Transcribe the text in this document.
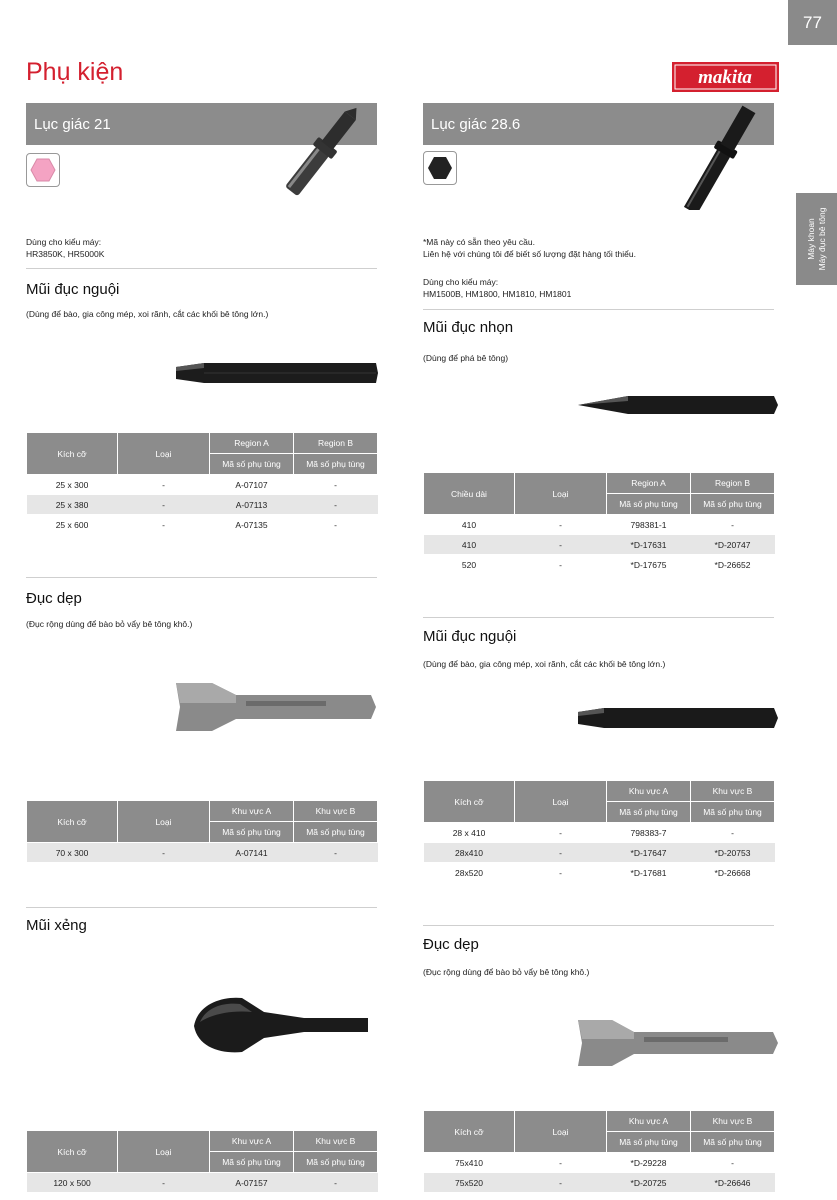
77
Phụ kiện	makita
Máy khoan
Máy đục bê tông
Lục giác 21
Dùng cho kiểu máy:
HR3850K, HR5000K
Mũi đục nguội
(Dùng để bào, gia công mép, xoi rãnh, cắt các khối bê tông lớn.)
Kích cỡ	Loại	Region A	Region B
		Mã số phụ tùng	Mã số phụ tùng
25 x 300	-	A-07107	-
25 x 380	-	A-07113	-
25 x 600	-	A-07135	-
Đục dẹp
(Đục rộng dùng để bào bỏ vẩy bê tông khô.)
Kích cỡ	Loại	Khu vực A	Khu vực B
		Mã số phụ tùng	Mã số phụ tùng
70 x 300	-	A-07141	-
Mũi xẻng
Kích cỡ	Loại	Khu vực A	Khu vực B
		Mã số phụ tùng	Mã số phụ tùng
120 x 500	-	A-07157	-
Lục giác 28.6
*Mã này có sẵn theo yêu cầu.
Liên hệ với chúng tôi để biết số lượng đặt hàng tối thiểu.
Dùng cho kiểu máy:
HM1500B, HM1800, HM1810, HM1801
Mũi đục nhọn
(Dùng để phá bê tông)
Chiều dài	Loại	Region A	Region B
		Mã số phụ tùng	Mã số phụ tùng
410	-	798381-1	-
410	-	*D-17631	*D-20747
520	-	*D-17675	*D-26652
Mũi đục nguội
(Dùng để bào, gia công mép, xoi rãnh, cắt các khối bê tông lớn.)
Kích cỡ	Loại	Khu vực A	Khu vực B
		Mã số phụ tùng	Mã số phụ tùng
28 x 410	-	798383-7	-
28x410	-	*D-17647	*D-20753
28x520	-	*D-17681	*D-26668
Đục dẹp
(Đục rộng dùng để bào bỏ vẩy bê tông khô.)
Kích cỡ	Loại	Khu vực A	Khu vực B
		Mã số phụ tùng	Mã số phụ tùng
75x410	-	*D-29228	-
75x520	-	*D-20725	*D-26646
